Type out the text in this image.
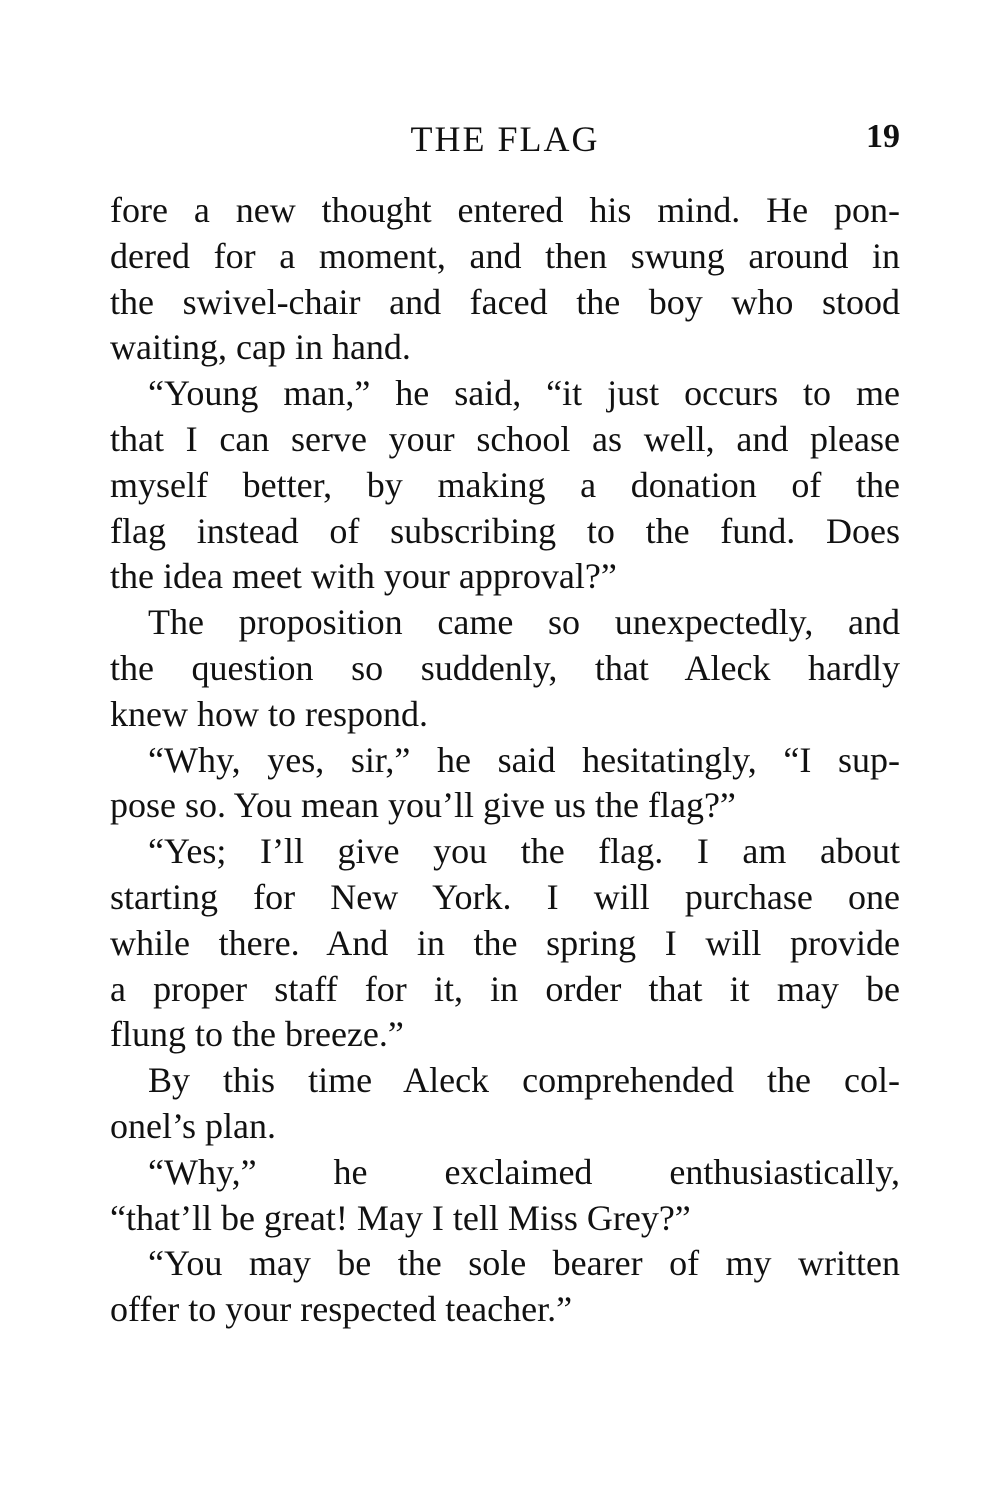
THE FLAG	19
fore a new thought entered his mind. He pon-
dered for a moment, and then swung around in
the swivel-chair and faced the boy who stood
waiting, cap in hand.
“Young man,” he said, “it just occurs to me
that I can serve your school as well, and please
myself better, by making a donation of the
flag instead of subscribing to the fund. Does
the idea meet with your approval?”
The proposition came so unexpectedly, and
the question so suddenly, that Aleck hardly
knew how to respond.
“Why, yes, sir,” he said hesitatingly, “I sup-
pose so. You mean you’ll give us the flag?”
“Yes; I’ll give you the flag. I am about
starting for New York. I will purchase one
while there. And in the spring I will provide
a proper staff for it, in order that it may be
flung to the breeze.”
By this time Aleck comprehended the col-
onel’s plan.
“Why,” he exclaimed enthusiastically,
“that’ll be great! May I tell Miss Grey?”
“You may be the sole bearer of my written
offer to your respected teacher.”
